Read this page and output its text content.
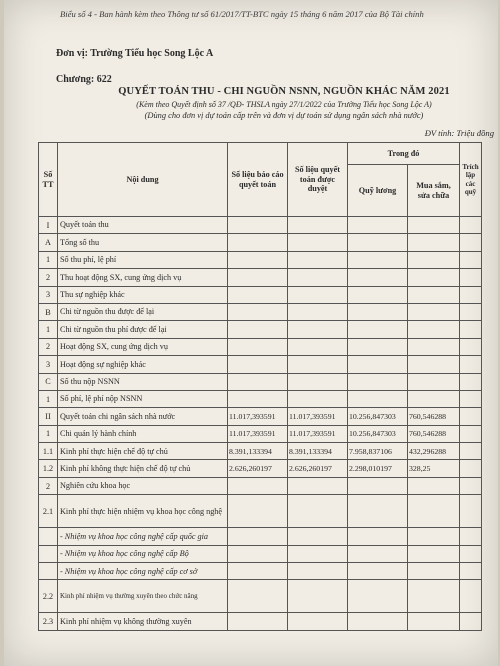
Biểu số 4 - Ban hành kèm theo Thông tư số 61/2017/TT-BTC ngày 15 tháng 6 năm 2017 của Bộ Tài chính
Đơn vị: Trường Tiểu học Song Lộc A
Chương: 622
QUYẾT TOÁN THU - CHI NGUỒN NSNN, NGUỒN KHÁC NĂM 2021
(Kèm theo Quyết định số 37 /QĐ- THSLA ngày 27/1/2022 của Trường Tiểu học Song Lộc A)
(Dùng cho đơn vị dự toán cấp trên và đơn vị dự toán sử dụng ngân sách nhà nước)
ĐV tính: Triệu đồng
Số TT	Nội dung	Số liệu báo cáo quyết toán	Số liệu quyết toán được duyệt	Trong đó		Trích lập các quỹ
				Quỹ lương	Mua sắm, sửa chữa	
I	Quyết toán thu					
A	Tổng số thu					
1	Số thu phí, lệ phí					
2	Thu hoạt động SX, cung ứng dịch vụ					
3	Thu sự nghiệp khác					
B	Chi từ nguồn thu được để lại					
1	Chi từ nguồn thu phí được để lại					
2	Hoạt động SX, cung ứng dịch vụ					
3	Hoạt động sự nghiệp khác					
C	Số thu nộp NSNN					
1	Số phí, lệ phí nộp NSNN					
II	Quyết toán chi ngân sách nhà nước	11.017,393591	11.017,393591	10.256,847303	760,546288	
1	Chi quản lý hành chính	11.017,393591	11.017,393591	10.256,847303	760,546288	
1.1	Kinh phí thực hiện chế độ tự chủ	8.391,133394	8.391,133394	7.958,837106	432,296288	
1.2	Kinh phí không thực hiện chế độ tự chủ	2.626,260197	2.626,260197	2.298,010197	328,25	
2	Nghiên cứu khoa học					
2.1	Kinh phí thực hiện nhiệm vụ khoa học công nghệ					
	- Nhiệm vụ khoa học công nghệ cấp quốc gia					
	- Nhiệm vụ khoa học công nghệ cấp Bộ					
	- Nhiệm vụ khoa học công nghệ cấp cơ sở					
2.2	Kinh phí nhiệm vụ thường xuyên theo chức năng					
2.3	Kinh phí nhiệm vụ không thường xuyên					
